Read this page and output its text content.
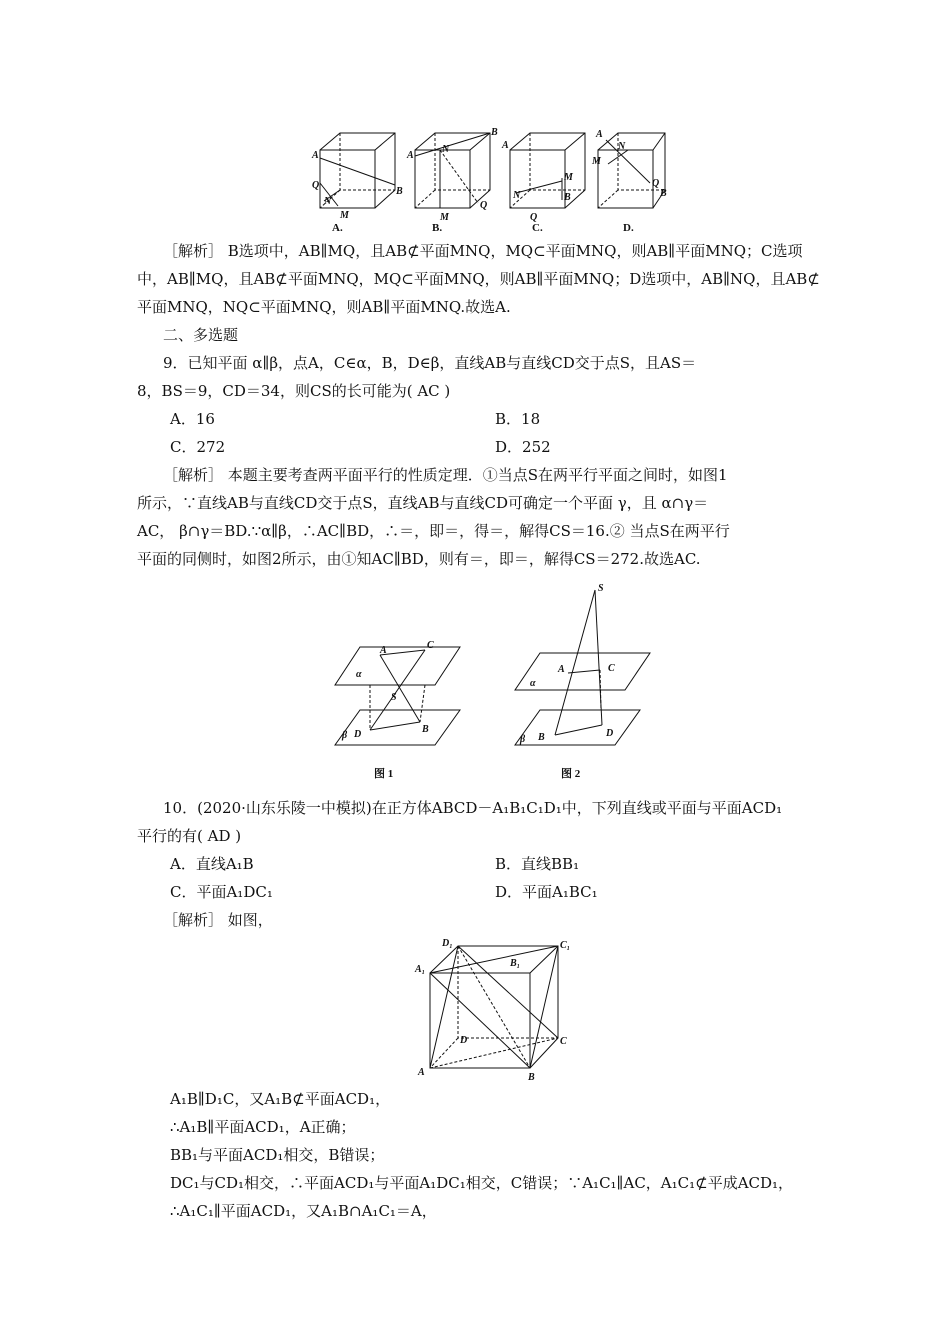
A
Q
B
N
M
A
B
N
M
Q
A
N
M
B
Q
A
M
N
Q
B
A.	B.	C.	D.
［解析］ B选项中，AB∥MQ，且AB⊄平面MNQ，MQ⊂平面MNQ，则AB∥平面MNQ；C选项
中，AB∥MQ，且AB⊄平面MNQ，MQ⊂平面MNQ，则AB∥平面MNQ；D选项中，AB∥NQ，且AB⊄
平面MNQ，NQ⊂平面MNQ，则AB∥平面MNQ.故选A.
二、多选题
9．已知平面 α∥β，点A，C∈α，B，D∈β，直线AB与直线CD交于点S，且AS＝
8，BS＝9，CD＝34，则CS的长可能为( AC )
A．16	B．18
C．272	D．252
［解析］ 本题主要考查两平面平行的性质定理．①当点S在两平行平面之间时，如图1
所示，∵直线AB与直线CD交于点S，直线AB与直线CD可确定一个平面 γ，且 α∩γ＝
AC， β∩γ＝BD.∵α∥β，∴AC∥BD，∴＝，即＝，得＝，解得CS＝16.② 当点S在两平行
平面的同侧时，如图2所示，由①知AC∥BD，则有＝，即＝，解得CS＝272.故选AC.
A	C
α
S
B
β D
图 1
S
A	C
α
B
β
D
图 2
10．(2020·山东乐陵一中模拟)在正方体ABCD－A₁B₁C₁D₁中，下列直线或平面与平面ACD₁
平行的有( AD )
A．直线A₁B	B．直线BB₁
C．平面A₁DC₁	D．平面A₁BC₁
［解析］ 如图，
D₁	C₁
A₁
B₁
D	C
A	B
A₁B∥D₁C，又A₁B⊄平面ACD₁，
∴A₁B∥平面ACD₁，A正确；
BB₁与平面ACD₁相交，B错误；
DC₁与CD₁相交，∴平面ACD₁与平面A₁DC₁相交，C错误；∵A₁C₁∥AC，A₁C₁⊄平成ACD₁，
∴A₁C₁∥平面ACD₁，又A₁B∩A₁C₁＝A，
